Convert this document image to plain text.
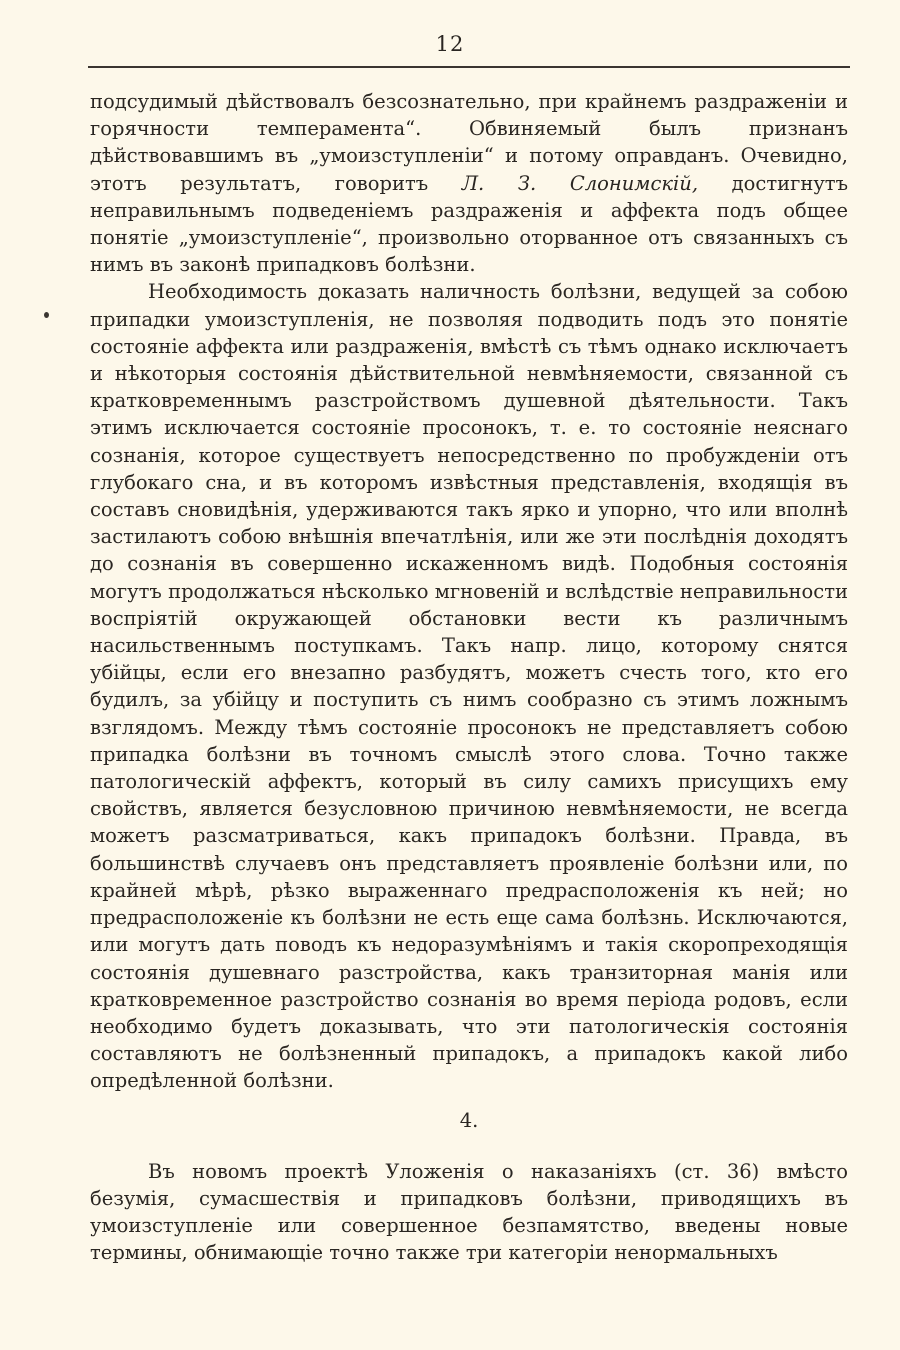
12

подсудимый дѣйствовалъ безсознательно, при крайнемъ раздраженіи и горячности темперамента“. Обвиняемый былъ признанъ дѣйствовавшимъ въ „умоизступленіи“ и потому оправданъ. Очевидно, этотъ результатъ, говоритъ Л. З. Слонимскій, достигнутъ неправильнымъ подведеніемъ раздраженія и аффекта подъ общее понятіе „умоизступленіе“, произвольно оторванное отъ связанныхъ съ нимъ въ законѣ припадковъ болѣзни.

Необходимость доказать наличность болѣзни, ведущей за собою припадки умоизступленія, не позволяя подводить подъ это понятіе состояніе аффекта или раздраженія, вмѣстѣ съ тѣмъ однако исключаетъ и нѣкоторыя состоянія дѣйствительной невмѣняемости, связанной съ кратковременнымъ разстройствомъ душевной дѣятельности. Такъ этимъ исключается состояніе просонокъ, т. е. то состояніе неяснаго сознанія, которое существуетъ непосредственно по пробужденіи отъ глубокаго сна, и въ которомъ извѣстныя представленія, входящія въ составъ сновидѣнія, удерживаются такъ ярко и упорно, что или вполнѣ застилаютъ собою внѣшнія впечатлѣнія, или же эти послѣднія доходятъ до сознанія въ совершенно искаженномъ видѣ. Подобныя состоянія могутъ продолжаться нѣсколько мгновеній и вслѣдствіе неправильности воспріятій окружающей обстановки вести къ различнымъ насильственнымъ поступкамъ. Такъ напр. лицо, которому снятся убійцы, если его внезапно разбудятъ, можетъ счесть того, кто его будилъ, за убійцу и поступить съ нимъ сообразно съ этимъ ложнымъ взглядомъ. Между тѣмъ состояніе просонокъ не представляетъ собою припадка болѣзни въ точномъ смыслѣ этого слова. Точно также патологическій аффектъ, который въ силу самихъ присущихъ ему свойствъ, является безусловною причиною невмѣняемости, не всегда можетъ разсматриваться, какъ припадокъ болѣзни. Правда, въ большинствѣ случаевъ онъ представляетъ проявленіе болѣзни или, по крайней мѣрѣ, рѣзко выраженнаго предрасположенія къ ней; но предрасположеніе къ болѣзни не есть еще сама болѣзнь. Исключаются, или могутъ дать поводъ къ недоразумѣніямъ и такія скоропреходящія состоянія душевнаго разстройства, какъ транзиторная манія или кратковременное разстройство сознанія во время періода родовъ, если необходимо будетъ доказывать, что эти патологическія состоянія составляютъ не болѣзненный припадокъ, а припадокъ какой либо опредѣленной болѣзни.

4.

Въ новомъ проектѣ Уложенія о наказаніяхъ (ст. 36) вмѣсто безумія, сумасшествія и припадковъ болѣзни, приводящихъ въ умоизступленіе или совершенное безпамятство, введены новые термины, обнимающіе точно также три категоріи ненормальныхъ
